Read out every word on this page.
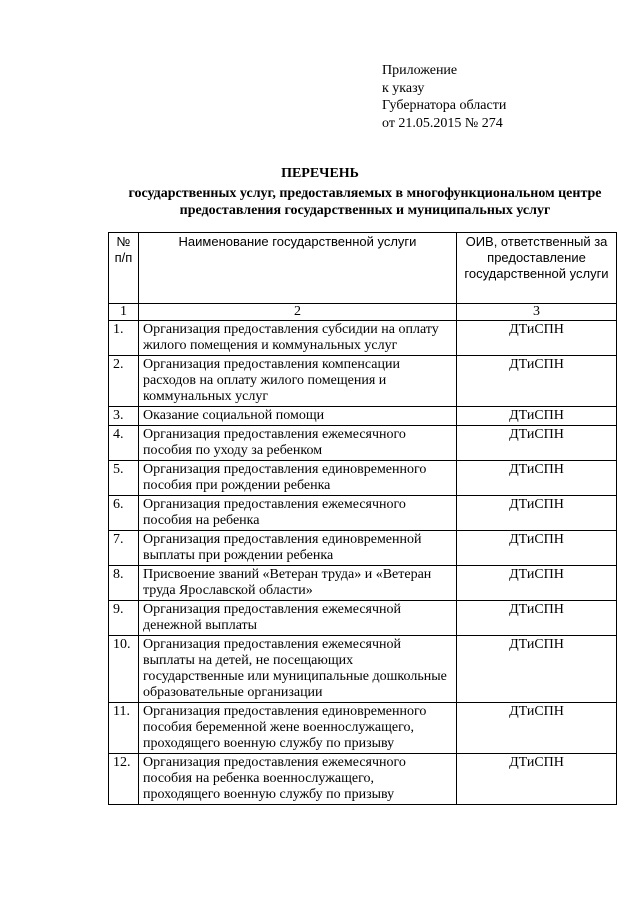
Приложение
к указу
Губернатора области
от 21.05.2015 № 274
ПЕРЕЧЕНЬ
государственных услуг, предоставляемых в многофункциональном центре предоставления государственных и муниципальных услуг
№ п/п	Наименование государственной услуги	ОИВ, ответственный за предоставление государственной услуги
1	2	3
1.	Организация предоставления субсидии на оплату жилого помещения и коммунальных услуг	ДТиСПН
2.	Организация предоставления компенсации расходов на оплату жилого помещения и коммунальных услуг	ДТиСПН
3.	Оказание социальной помощи	ДТиСПН
4.	Организация предоставления ежемесячного пособия по уходу за ребенком	ДТиСПН
5.	Организация предоставления единовременного пособия при рождении ребенка	ДТиСПН
6.	Организация предоставления ежемесячного пособия на ребенка	ДТиСПН
7.	Организация предоставления единовременной выплаты при рождении ребенка	ДТиСПН
8.	Присвоение званий «Ветеран труда» и «Ветеран труда Ярославской области»	ДТиСПН
9.	Организация предоставления ежемесячной денежной выплаты	ДТиСПН
10.	Организация предоставления ежемесячной выплаты на детей, не посещающих государственные или муниципальные дошкольные образовательные организации	ДТиСПН
11.	Организация предоставления единовременного пособия беременной жене военнослужащего, проходящего военную службу по призыву	ДТиСПН
12.	Организация предоставления ежемесячного пособия на ребенка военнослужащего, проходящего военную службу по призыву	ДТиСПН
